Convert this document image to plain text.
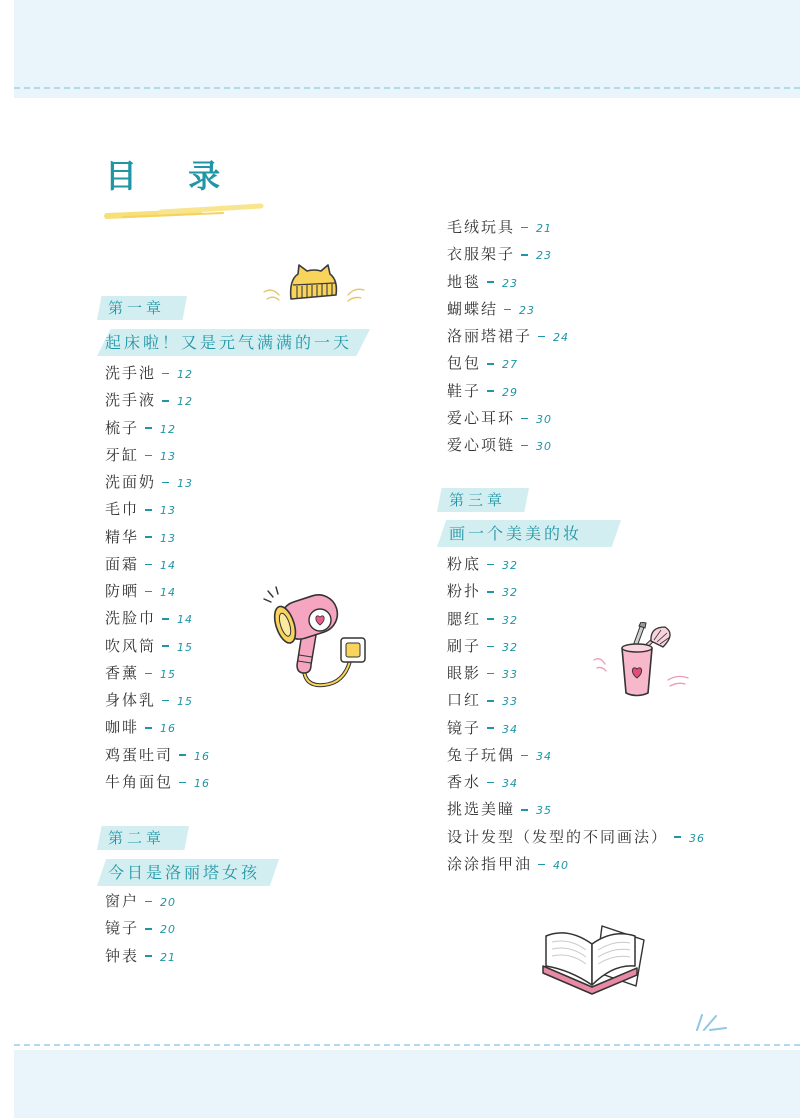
目 录
第一章
起床啦！又是元气满满的一天
洗手池 12
洗手液 12
梳子 12
牙缸 13
洗面奶 13
毛巾 13
精华 13
面霜 14
防晒 14
洗脸巾 14
吹风筒 15
香薰 15
身体乳 15
咖啡 16
鸡蛋吐司 16
牛角面包 16
第二章
今日是洛丽塔女孩
窗户 20
镜子 20
钟表 21
毛绒玩具 21
衣服架子 23
地毯 23
蝴蝶结 23
洛丽塔裙子 24
包包 27
鞋子 29
爱心耳环 30
爱心项链 30
第三章
画一个美美的妆
粉底 32
粉扑 32
腮红 32
刷子 32
眼影 33
口红 33
镜子 34
兔子玩偶 34
香水 34
挑选美瞳 35
设计发型（发型的不同画法） 36
涂涂指甲油 40
